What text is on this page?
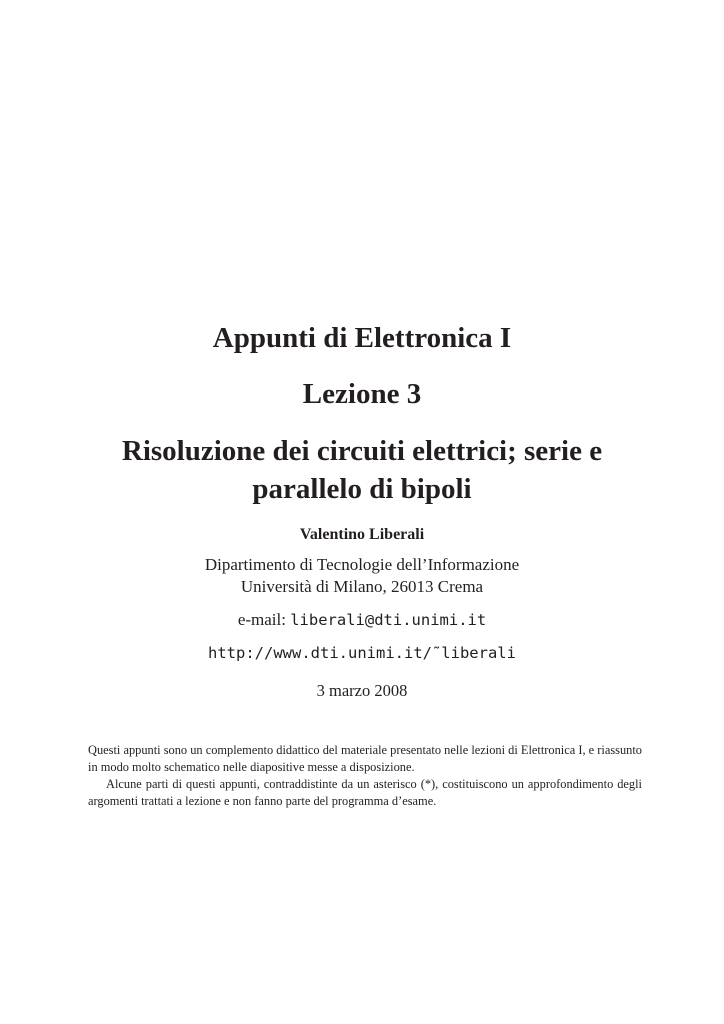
Appunti di Elettronica I
Lezione 3
Risoluzione dei circuiti elettrici; serie e parallelo di bipoli
Valentino Liberali
Dipartimento di Tecnologie dell’Informazione
Università di Milano, 26013 Crema
e-mail: liberali@dti.unimi.it
http://www.dti.unimi.it/˜liberali
3 marzo 2008

Questi appunti sono un complemento didattico del materiale presentato nelle lezioni di Elettronica I, e riassunto in modo molto schematico nelle diapositive messe a disposizione.

Alcune parti di questi appunti, contraddistinte da un asterisco (*), costituiscono un approfondimento degli argomenti trattati a lezione e non fanno parte del programma d’esame.
